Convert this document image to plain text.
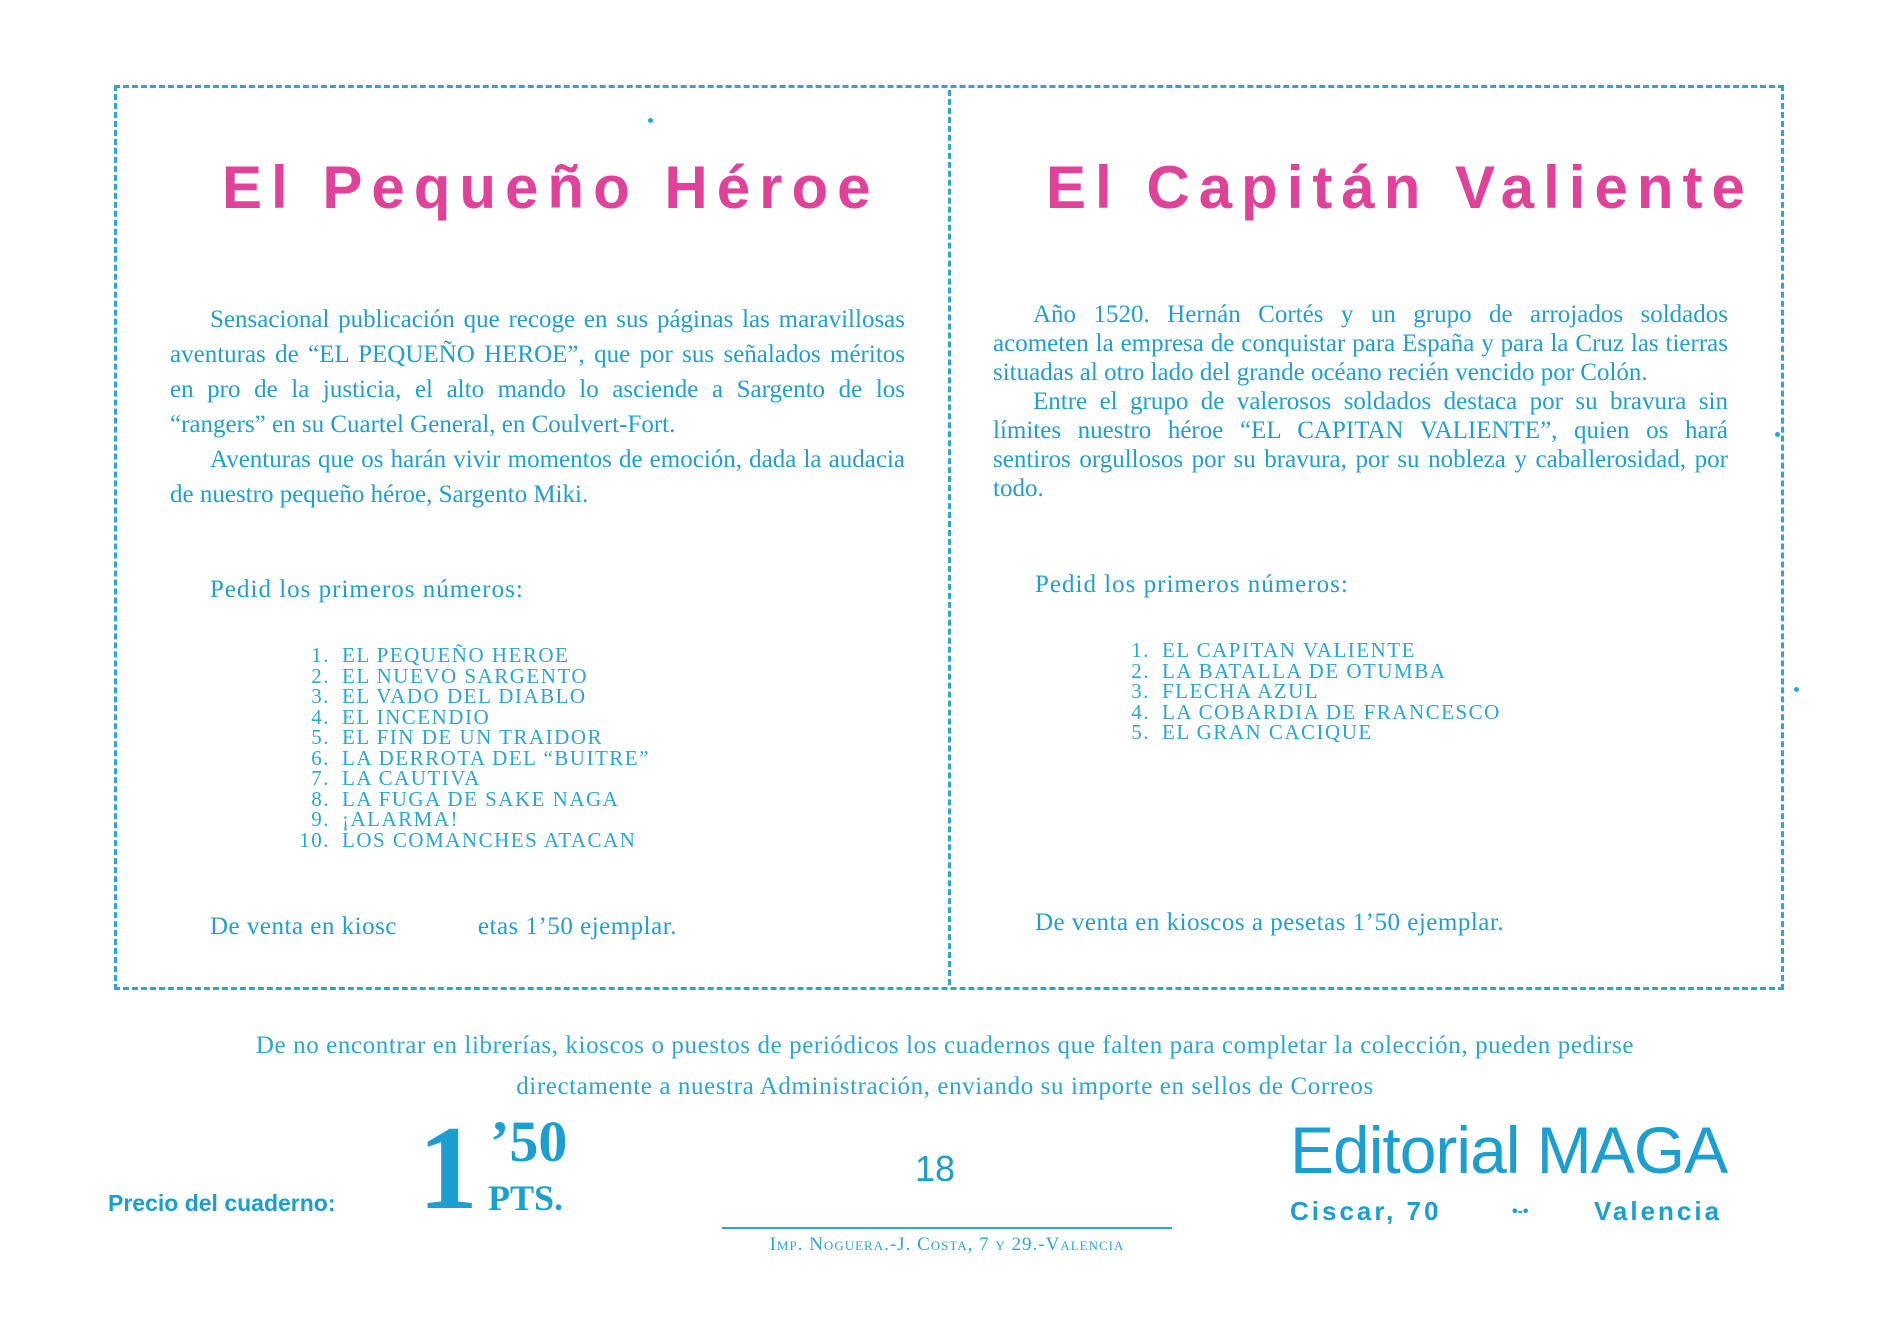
El Pequeño Héroe

Sensacional publicación que recoge en sus páginas las maravillosas aventuras de “EL PEQUEÑO HEROE”, que por sus señalados méritos en pro de la justicia, el alto mando lo asciende a Sargento de los “rangers” en su Cuartel General, en Coulvert-Fort.

Aventuras que os harán vivir momentos de emoción, dada la audacia de nuestro pequeño héroe, Sargento Miki.

Pedid los primeros números:
1. EL PEQUEÑO HEROE
2. EL NUEVO SARGENTO
3. EL VADO DEL DIABLO
4. EL INCENDIO
5. EL FIN DE UN TRAIDOR
6. LA DERROTA DEL “BUITRE”
7. LA CAUTIVA
8. LA FUGA DE SAKE NAGA
9. ¡ALARMA!
10. LOS COMANCHES ATACAN
De venta en kiosc            etas 1’50 ejemplar.
El Capitán Valiente

Año 1520. Hernán Cortés y un grupo de arrojados soldados acometen la empresa de conquistar para España y para la Cruz las tierras situadas al otro lado del grande océano recién vencido por Colón.

Entre el grupo de valerosos soldados destaca por su bravura sin límites nuestro héroe “EL CAPITAN VALIENTE”, quien os hará sentiros orgullosos por su bravura, por su nobleza y caballerosidad, por todo.

Pedid los primeros números:
1. EL CAPITAN VALIENTE
2. LA BATALLA DE OTUMBA
3. FLECHA AZUL
4. LA COBARDIA DE FRANCESCO
5. EL GRAN CACIQUE
De venta en kioscos a pesetas 1’50 ejemplar.
De no encontrar en librerías, kioscos o puestos de periódicos los cuadernos que falten para completar la colección, pueden pedirse
directamente a nuestra Administración, enviando su importe en sellos de Correos
Precio del cuaderno: 1 ’50
PTS.
18
Imp. Noguera.-J. Costa, 7 y 29.-Valencia
Editorial MAGA
Ciscar, 70	•-•	Valencia
